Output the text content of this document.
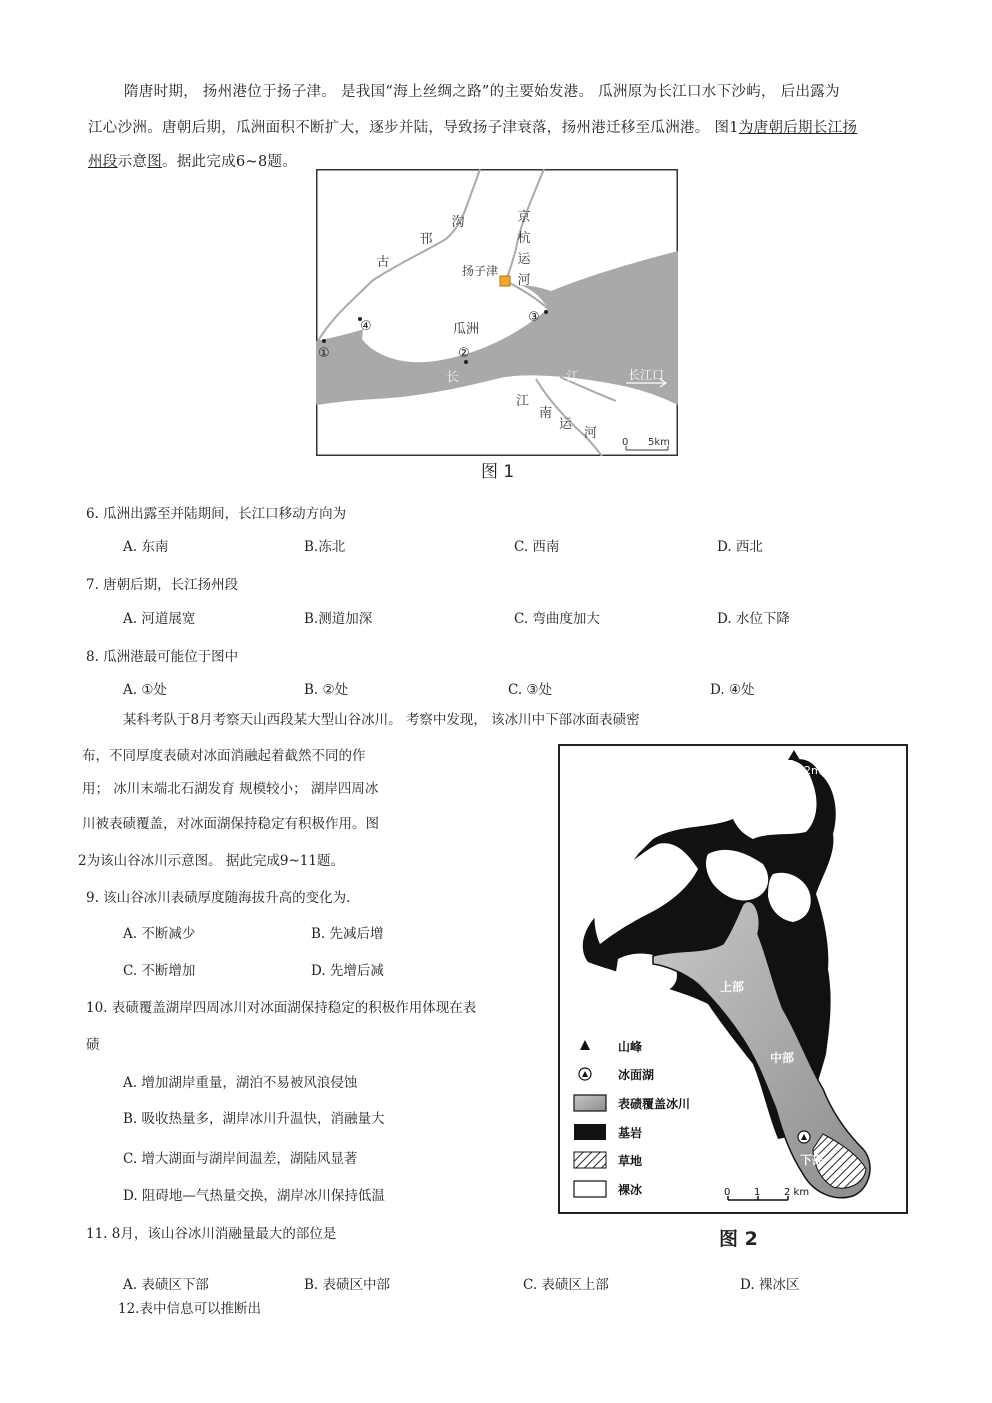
隋唐时期， 扬州港位于扬子津。 是我国“海上丝绸之路”的主要始发港。 瓜洲原为长江口水下沙屿， 后出露为
江心沙洲。唐朝后期，瓜洲面积不断扩大，逐步并陆，导致扬子津衰落，扬州港迁移至瓜洲港。 图1为唐朝后期长江扬
州段示意图。据此完成6~8题。
沟
邗
古
京
杭
运
河
扬子津
瓜洲
①	②
③
④
长	江	长江口
江
南
运
河
0 5km
图 1
6. 瓜洲出露至并陆期间，长江口移动方向为
A. 东南	B.冻北	C. 西南	D. 西北
7. 唐朝后期，长江扬州段
A. 河道展宽	B.测道加深	C. 弯曲度加大	D. 水位下降
8. 瓜洲港最可能位于图中
A. ①处	B. ②处	C. ③处	D. ④处
某科考队于8月考察天山西段某大型山谷冰川。 考察中发现， 该冰川中下部冰面表碛密
布，不同厚度表碛对冰面消融起着截然不同的作
用； 冰川末端北石湖发育 规模较小； 湖岸四周冰
川被表碛覆盖，对冰面湖保持稳定有积极作用。图
2为该山谷冰川示意图。 据此完成9~11题。
9. 该山谷冰川表碛厚度随海拔升高的变化为.
A. 不断减少	B. 先减后增
C. 不断增加	D. 先增后减
10. 表碛覆盖湖岸四周冰川对冰面湖保持稳定的积极作用体现在表
碛
A. 增加湖岸重量，湖泊不易被风浪侵蚀
B. 吸收热量多，湖岸冰川升温快，消融量大
C. 增大湖面与湖岸间温差，湖陆风显著
D. 阻碍地—气热量交换，湖岸冰川保持低温
11. 8月，该山谷冰川消融量最大的部位是
A. 表碛区下部	B. 表碛区中部	C. 表碛区上部	D. 裸冰区
12.表中信息可以推断出
4342m
上部
中部
下部
山峰
冰面湖
表碛覆盖冰川
基岩
草地
裸冰	0 1 2 km
图 2
